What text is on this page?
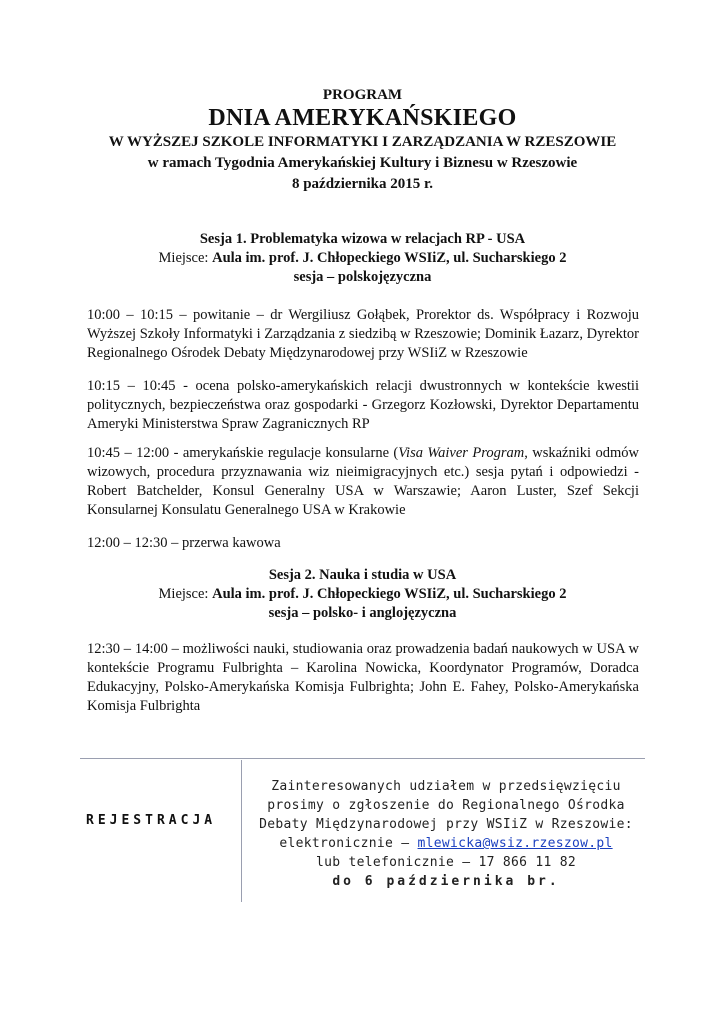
PROGRAM
DNIA AMERYKAŃSKIEGO
W WYŻSZEJ SZKOLE INFORMATYKI I ZARZĄDZANIA W RZESZOWIE
w ramach Tygodnia Amerykańskiej Kultury i Biznesu w Rzeszowie
8 października 2015 r.
Sesja 1. Problematyka wizowa w relacjach RP - USA
Miejsce: Aula im. prof. J. Chłopeckiego WSIiZ, ul. Sucharskiego 2
sesja – polskojęzyczna
10:00 – 10:15 – powitanie – dr Wergiliusz Gołąbek, Prorektor ds. Współpracy i Rozwoju Wyższej Szkoły Informatyki i Zarządzania z siedzibą w Rzeszowie; Dominik Łazarz, Dyrektor Regionalnego Ośrodek Debaty Międzynarodowej przy WSIiZ w Rzeszowie
10:15 – 10:45 - ocena polsko-amerykańskich relacji dwustronnych w kontekście kwestii politycznych, bezpieczeństwa oraz gospodarki - Grzegorz Kozłowski, Dyrektor Departamentu Ameryki Ministerstwa Spraw Zagranicznych RP
10:45 – 12:00 - amerykańskie regulacje konsularne (Visa Waiver Program, wskaźniki odmów wizowych, procedura przyznawania wiz nieimigracyjnych etc.) sesja pytań i odpowiedzi - Robert Batchelder, Konsul Generalny USA w Warszawie; Aaron Luster, Szef Sekcji Konsularnej Konsulatu Generalnego USA w Krakowie
12:00 – 12:30 – przerwa kawowa
Sesja 2. Nauka i studia w USA
Miejsce: Aula im. prof. J. Chłopeckiego WSIiZ, ul. Sucharskiego 2
sesja – polsko- i anglojęzyczna
12:30 – 14:00 – możliwości nauki, studiowania oraz prowadzenia badań naukowych w USA w kontekście Programu Fulbrighta – Karolina Nowicka, Koordynator Programów, Doradca Edukacyjny, Polsko-Amerykańska Komisja Fulbrighta; John E. Fahey, Polsko-Amerykańska Komisja Fulbrighta
REJESTRACJA
Zainteresowanych udziałem w przedsięwzięciu
prosimy o zgłoszenie do Regionalnego Ośrodka
Debaty Międzynarodowej przy WSIiZ w Rzeszowie:
elektronicznie – mlewicka@wsiz.rzeszow.pl
lub telefonicznie – 17 866 11 82
do 6 października br.
